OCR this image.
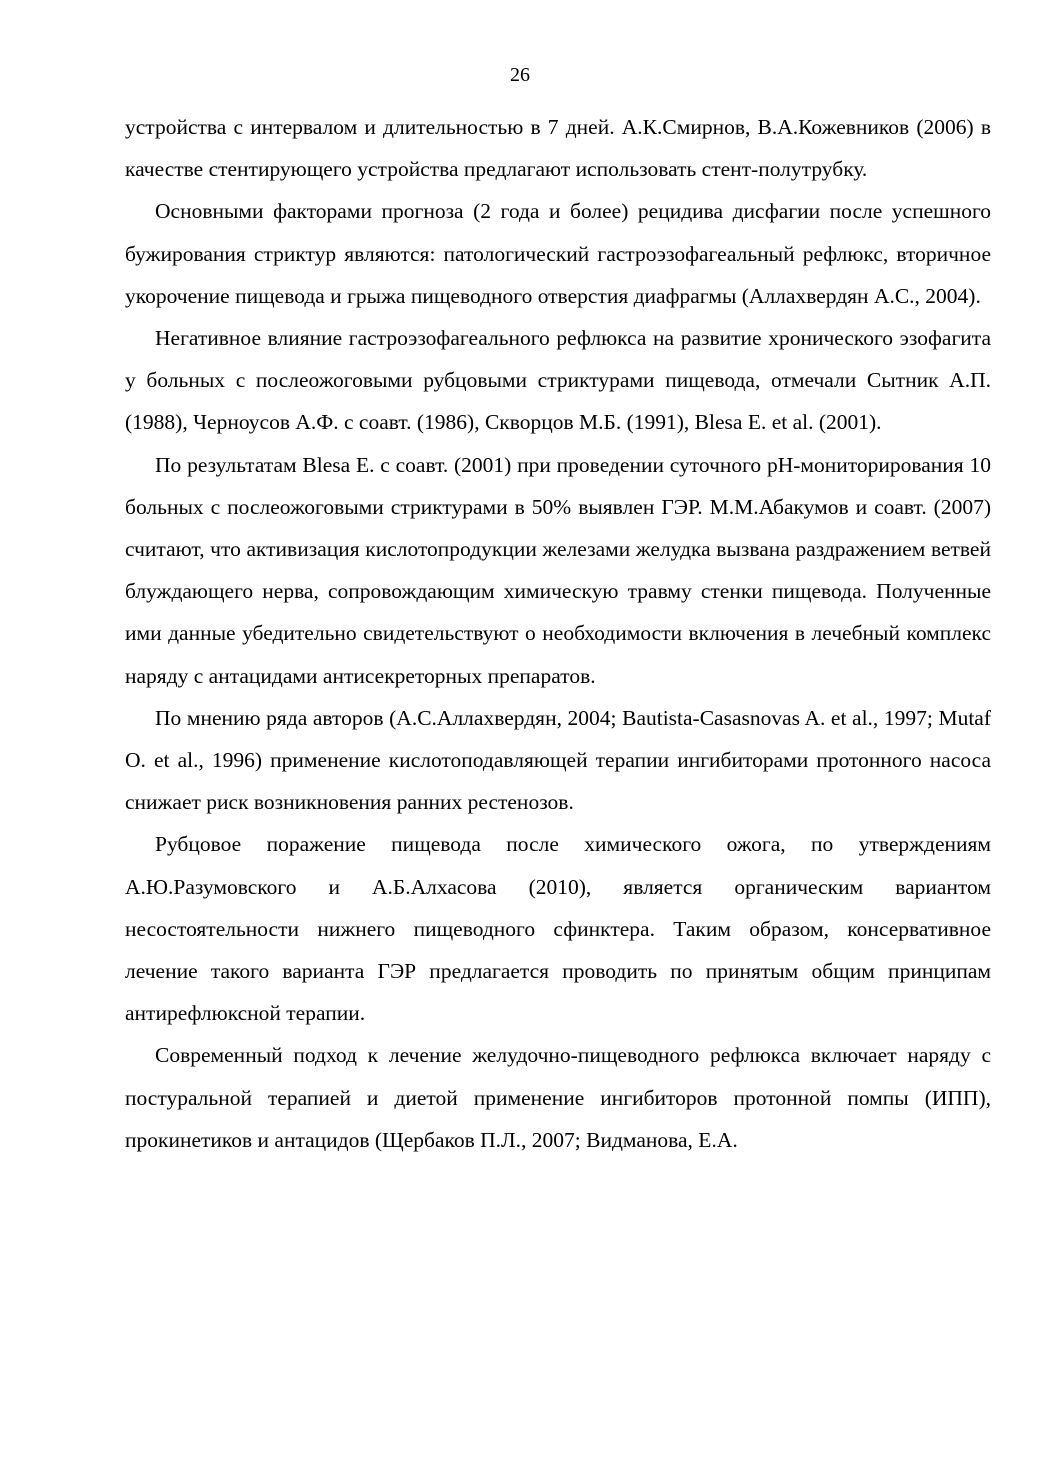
26

устройства с интервалом и длительностью в 7 дней. А.К.Смирнов, В.А.Кожевников (2006) в качестве стентирующего устройства предлагают использовать стент-полутрубку.

Основными факторами прогноза (2 года и более) рецидива дисфагии после успешного бужирования стриктур являются: патологический гастроэзофагеальный рефлюкс, вторичное укорочение пищевода и грыжа пищеводного отверстия диафрагмы (Аллахвердян А.С., 2004).

Негативное влияние гастроэзофагеального рефлюкса на развитие хронического эзофагита у больных с послеожоговыми рубцовыми стриктурами пищевода, отмечали Сытник А.П. (1988), Черноусов А.Ф. с соавт. (1986), Скворцов М.Б. (1991), Blesa E. et al. (2001).

По результатам Blesa E. с соавт. (2001) при проведении суточного рН-мониторирования 10 больных с послеожоговыми стриктурами в 50% выявлен ГЭР. М.М.Абакумов и соавт. (2007) считают, что активизация кислотопродукции железами желудка вызвана раздражением ветвей блуждающего нерва, сопровождающим химическую травму стенки пищевода. Полученные ими данные убедительно свидетельствуют о необходимости включения в лечебный комплекс наряду с антацидами антисекреторных препаратов.

По мнению ряда авторов (А.С.Аллахвердян, 2004; Bautista-Casasnovas A. et al., 1997; Mutaf O. et al., 1996) применение кислотоподавляющей терапии ингибиторами протонного насоса снижает риск возникновения ранних рестенозов.

Рубцовое поражение пищевода после химического ожога, по утверждениям А.Ю.Разумовского и А.Б.Алхасова (2010), является органическим вариантом несостоятельности нижнего пищеводного сфинктера. Таким образом, консервативное лечение такого варианта ГЭР предлагается проводить по принятым общим принципам антирефлюксной терапии.

Современный подход к лечение желудочно-пищеводного рефлюкса включает наряду с постуральной терапией и диетой применение ингибиторов протонной помпы (ИПП), прокинетиков и антацидов (Щербаков П.Л., 2007; Видманова, Е.А.
